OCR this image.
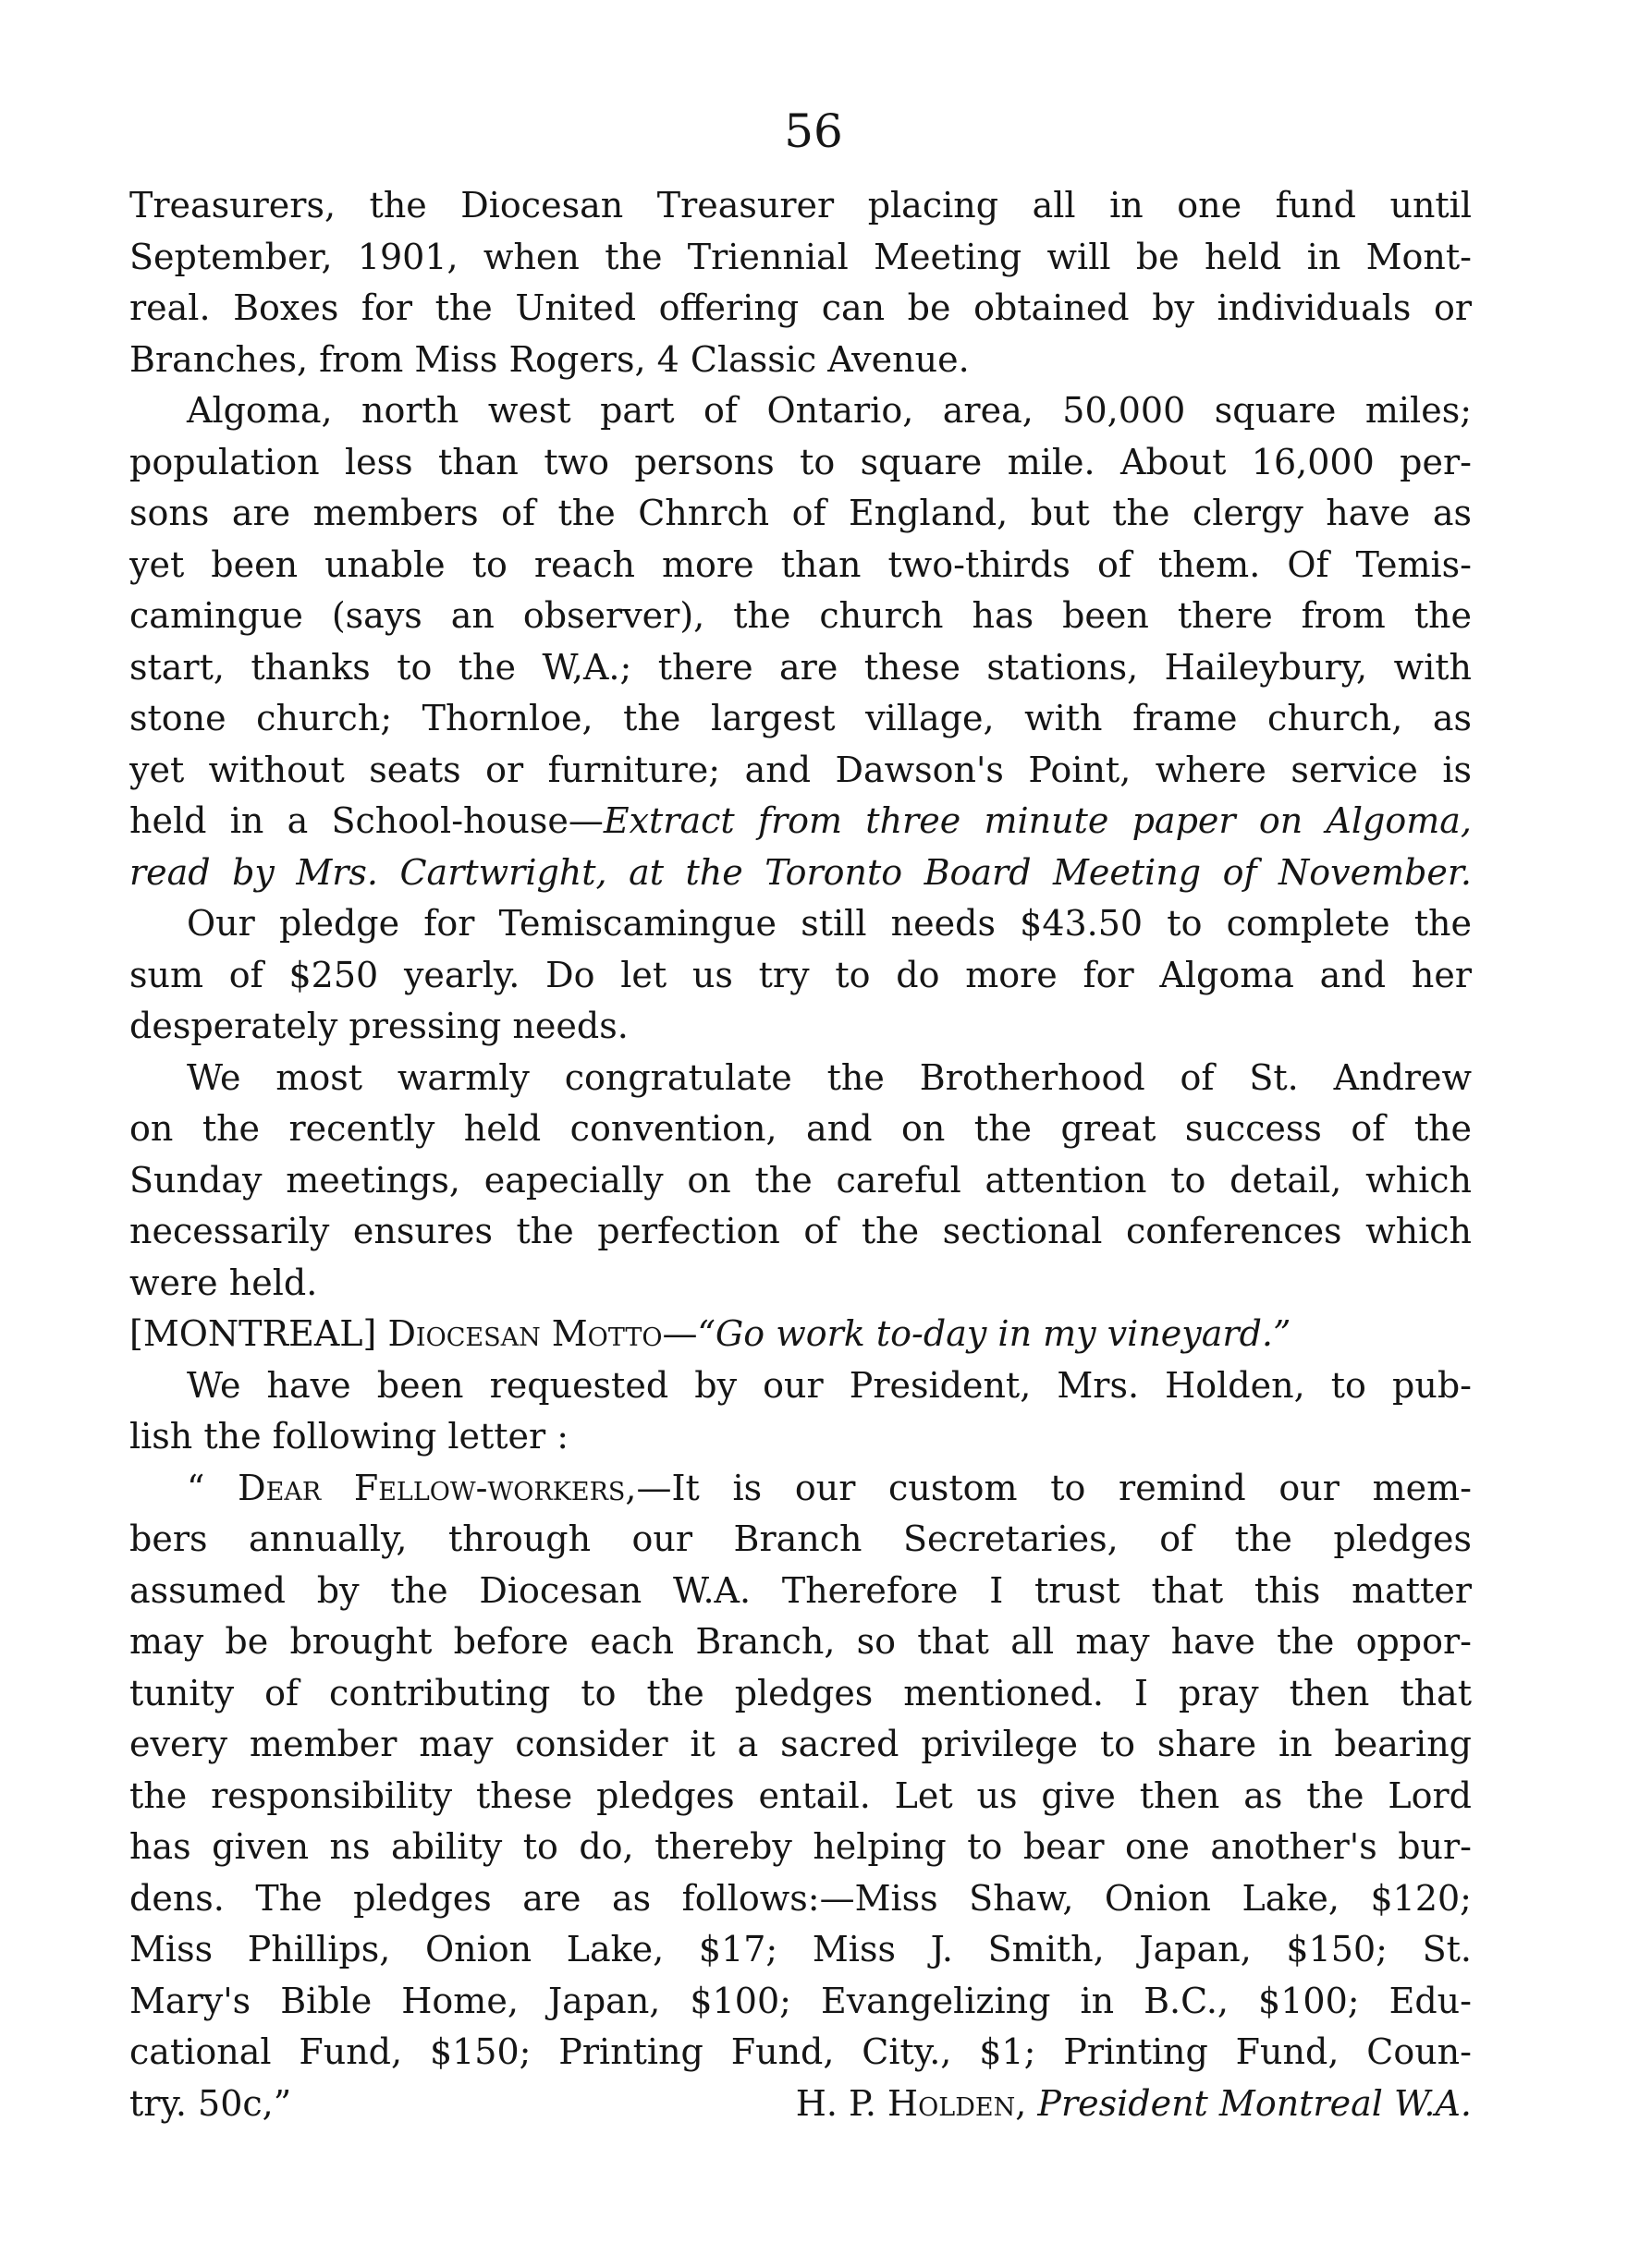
56
Treasurers, the Diocesan Treasurer placing all in one fund until
September, 1901, when the Triennial Meeting will be held in Mont-
real. Boxes for the United offering can be obtained by individuals or
Branches, from Miss Rogers, 4 Classic Avenue.
Algoma, north west part of Ontario, area, 50,000 square miles;
population less than two persons to square mile. About 16,000 per-
sons are members of the Chnrch of England, but the clergy have as
yet been unable to reach more than two-thirds of them. Of Temis-
camingue (says an observer), the church has been there from the
start, thanks to the W,A.; there are these stations, Haileybury, with
stone church; Thornloe, the largest village, with frame church, as
yet without seats or furniture; and Dawson's Point, where service is
held in a School-house—Extract from three minute paper on Algoma,
read by Mrs. Cartwright, at the Toronto Board Meeting of November.
Our pledge for Temiscamingue still needs $43.50 to complete the
sum of $250 yearly. Do let us try to do more for Algoma and her
desperately pressing needs.
We most warmly congratulate the Brotherhood of St. Andrew
on the recently held convention, and on the great success of the
Sunday meetings, eapecially on the careful attention to detail, which
necessarily ensures the perfection of the sectional conferences which
were held.
[MONTREAL] Diocesan Motto—“Go work to-day in my vineyard.”
We have been requested by our President, Mrs. Holden, to pub-
lish the following letter :
“ Dear Fellow-workers,—It is our custom to remind our mem-
bers annually, through our Branch Secretaries, of the pledges
assumed by the Diocesan W.A. Therefore I trust that this matter
may be brought before each Branch, so that all may have the oppor-
tunity of contributing to the pledges mentioned. I pray then that
every member may consider it a sacred privilege to share in bearing
the responsibility these pledges entail. Let us give then as the Lord
has given ns ability to do, thereby helping to bear one another's bur-
dens. The pledges are as follows:—Miss Shaw, Onion Lake, $120;
Miss Phillips, Onion Lake, $17; Miss J. Smith, Japan, $150; St.
Mary's Bible Home, Japan, $100; Evangelizing in B.C., $100; Edu-
cational Fund, $150; Printing Fund, City., $1; Printing Fund, Coun-
try. 50c,”	H. P. Holden, President Montreal W.A.
